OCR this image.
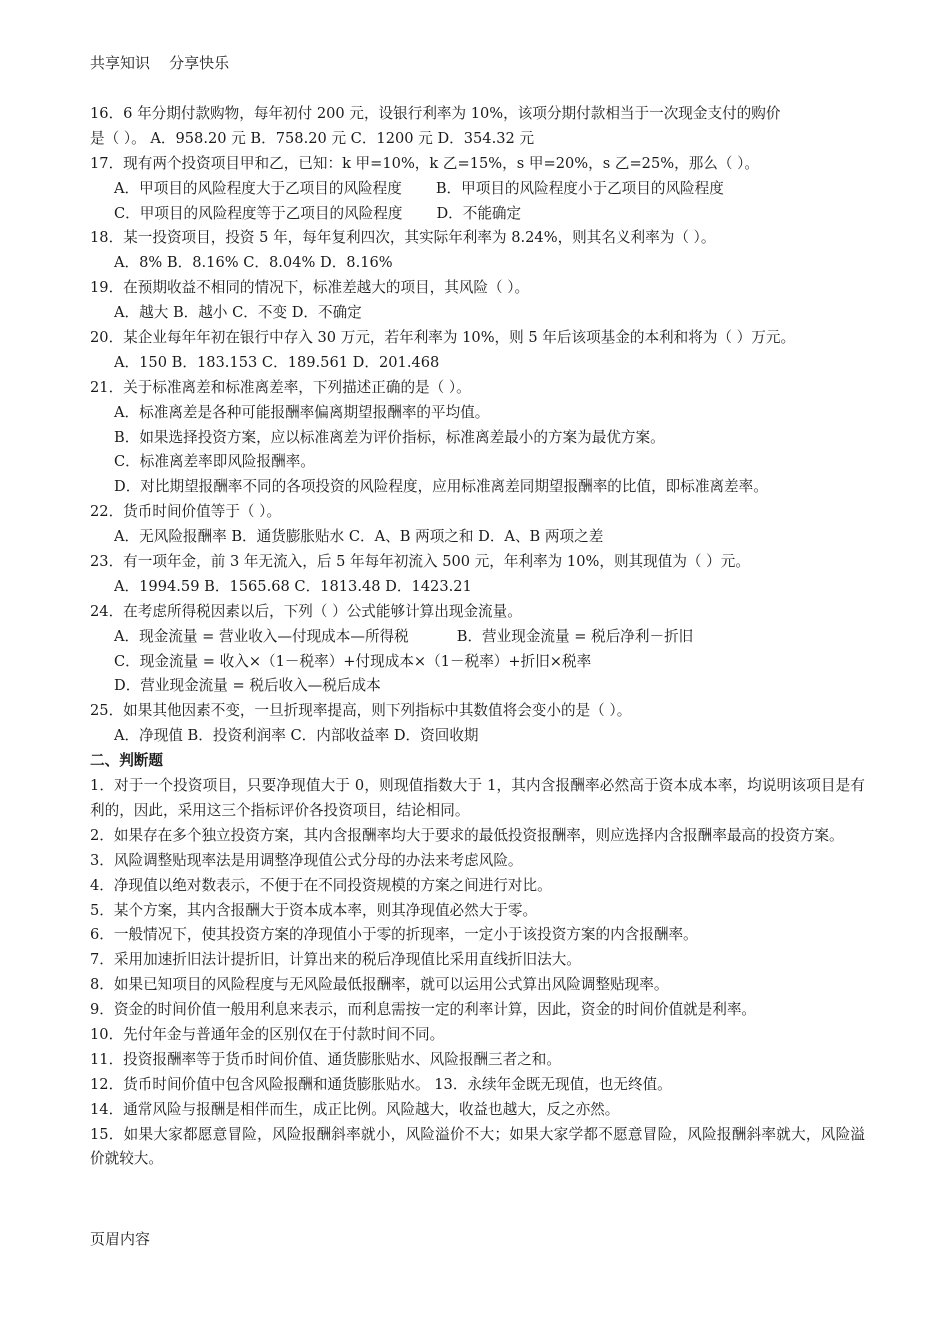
共享知识    分享快乐
16．6 年分期付款购物，每年初付 200 元，设银行利率为 10%，该项分期付款相当于一次现金支付的购价
是（ ）。 A．958.20 元 B．758.20 元 C．1200 元 D．354.32 元
17．现有两个投资项目甲和乙，已知：k 甲=10%，k 乙=15%，s 甲=20%，s 乙=25%，那么（ ）。
A．甲项目的风险程度大于乙项目的风险程度 B．甲项目的风险程度小于乙项目的风险程度
C．甲项目的风险程度等于乙项目的风险程度 D．不能确定
18．某一投资项目，投资 5 年，每年复利四次，其实际年利率为 8.24%，则其名义利率为（ ）。
A．8% B．8.16% C．8.04% D．8.16%
19．在预期收益不相同的情况下，标准差越大的项目，其风险（ ）。
A．越大 B．越小 C．不变 D．不确定
20．某企业每年年初在银行中存入 30 万元，若年利率为 10%，则 5 年后该项基金的本利和将为（ ）万元。
A．150 B．183.153 C．189.561 D．201.468
21．关于标准离差和标准离差率，下列描述正确的是（ ）。
A．标准离差是各种可能报酬率偏离期望报酬率的平均值。
B．如果选择投资方案，应以标准离差为评价指标，标准离差最小的方案为最优方案。
C．标准离差率即风险报酬率。
D．对比期望报酬率不同的各项投资的风险程度，应用标准离差同期望报酬率的比值，即标准离差率。
22．货币时间价值等于（ ）。
A．无风险报酬率 B．通货膨胀贴水 C．A、B 两项之和 D．A、B 两项之差
23．有一项年金，前 3 年无流入，后 5 年每年初流入 500 元，年利率为 10%，则其现值为（ ）元。
A．1994.59 B．1565.68 C．1813.48 D．1423.21
24．在考虑所得税因素以后，下列（ ）公式能够计算出现金流量。
A．现金流量 = 营业收入—付现成本—所得税	B．营业现金流量 = 税后净利－折旧
C．现金流量 = 收入×（1－税率）+付现成本×（1－税率）+折旧×税率
D．营业现金流量 = 税后收入—税后成本
25．如果其他因素不变，一旦折现率提高，则下列指标中其数值将会变小的是（ ）。
A．净现值 B．投资利润率 C．内部收益率 D．资回收期
二、判断题
1．对于一个投资项目，只要净现值大于 0，则现值指数大于 1，其内含报酬率必然高于资本成本率，均说明该项目是有利的，因此，采用这三个指标评价各投资项目，结论相同。
2．如果存在多个独立投资方案，其内含报酬率均大于要求的最低投资报酬率，则应选择内含报酬率最高的投资方案。
3．风险调整贴现率法是用调整净现值公式分母的办法来考虑风险。
4．净现值以绝对数表示，不便于在不同投资规模的方案之间进行对比。
5．某个方案，其内含报酬大于资本成本率，则其净现值必然大于零。
6．一般情况下，使其投资方案的净现值小于零的折现率，一定小于该投资方案的内含报酬率。
7．采用加速折旧法计提折旧，计算出来的税后净现值比采用直线折旧法大。
8．如果已知项目的风险程度与无风险最低报酬率，就可以运用公式算出风险调整贴现率。
9．资金的时间价值一般用利息来表示，而利息需按一定的利率计算，因此，资金的时间价值就是利率。
10．先付年金与普通年金的区别仅在于付款时间不同。
11．投资报酬率等于货币时间价值、通货膨胀贴水、风险报酬三者之和。
12．货币时间价值中包含风险报酬和通货膨胀贴水。 13．永续年金既无现值，也无终值。
14．通常风险与报酬是相伴而生，成正比例。风险越大，收益也越大，反之亦然。
15．如果大家都愿意冒险，风险报酬斜率就小，风险溢价不大；如果大家学都不愿意冒险，风险报酬斜率就大，风险溢价就较大。
页眉内容
